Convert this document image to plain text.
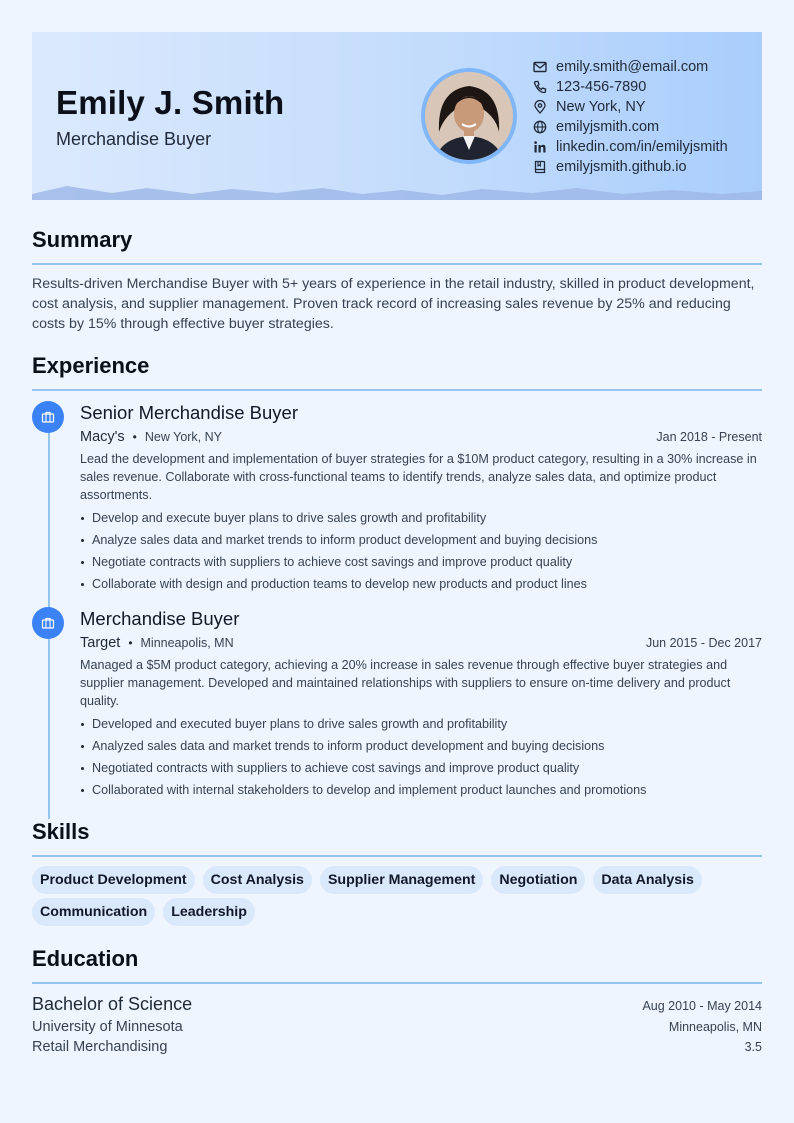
Emily J. Smith
Merchandise Buyer
emily.smith@email.com
123-456-7890
New York, NY
emilyjsmith.com
linkedin.com/in/emilyjsmith
emilyjsmith.github.io
Summary
Results-driven Merchandise Buyer with 5+ years of experience in the retail industry, skilled in product development, cost analysis, and supplier management. Proven track record of increasing sales revenue by 25% and reducing costs by 15% through effective buyer strategies.
Experience
Senior Merchandise Buyer
Macy's • New York, NY	Jan 2018 - Present
Lead the development and implementation of buyer strategies for a $10M product category, resulting in a 30% increase in sales revenue. Collaborate with cross-functional teams to identify trends, analyze sales data, and optimize product assortments.
Develop and execute buyer plans to drive sales growth and profitability
Analyze sales data and market trends to inform product development and buying decisions
Negotiate contracts with suppliers to achieve cost savings and improve product quality
Collaborate with design and production teams to develop new products and product lines
Merchandise Buyer
Target • Minneapolis, MN	Jun 2015 - Dec 2017
Managed a $5M product category, achieving a 20% increase in sales revenue through effective buyer strategies and supplier management. Developed and maintained relationships with suppliers to ensure on-time delivery and product quality.
Developed and executed buyer plans to drive sales growth and profitability
Analyzed sales data and market trends to inform product development and buying decisions
Negotiated contracts with suppliers to achieve cost savings and improve product quality
Collaborated with internal stakeholders to develop and implement product launches and promotions
Skills
Product Development	Cost Analysis	Supplier Management	Negotiation	Data Analysis
Communication	Leadership
Education
Bachelor of Science	Aug 2010 - May 2014
University of Minnesota	Minneapolis, MN
Retail Merchandising	3.5
